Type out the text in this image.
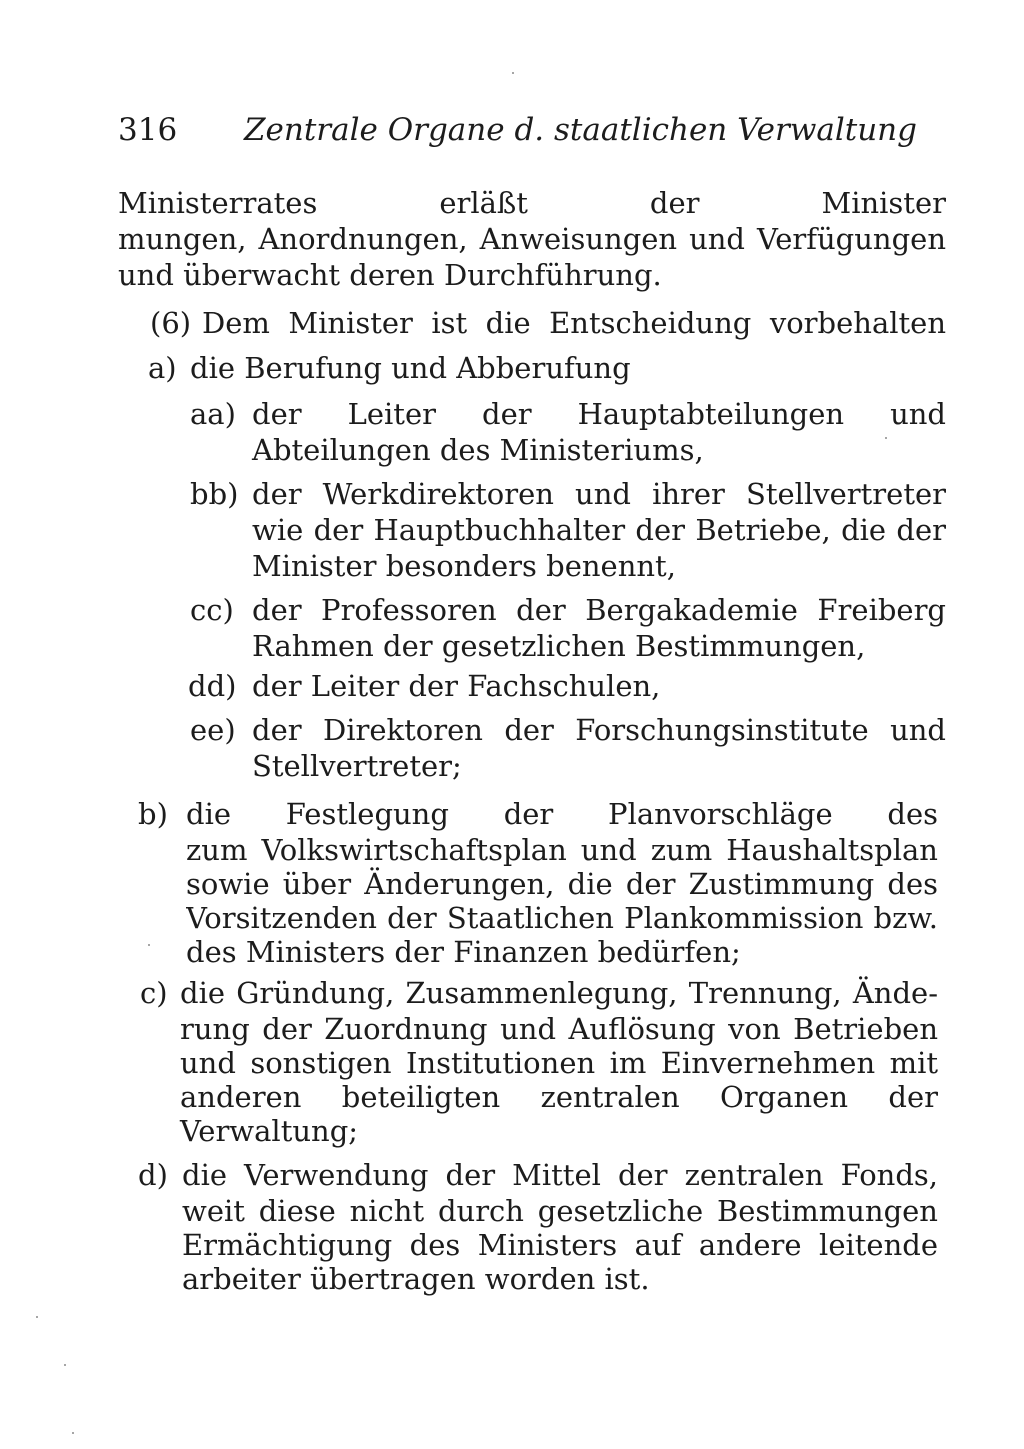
316 Zentrale Organe d. staatlichen Verwaltung
Ministerrates erläßt der Minister
mungen, Anordnungen, Anweisungen und Verfügungen
und überwacht deren Durchführung.
(6) Dem Minister ist die Entscheidung vorbehalten
a) die Berufung und Abberufung
aa) der Leiter der Hauptabteilungen und
Abteilungen des Ministeriums,
bb) der Werkdirektoren und ihrer Stellvertreter
wie der Hauptbuchhalter der Betriebe, die der
Minister besonders benennt,
cc) der Professoren der Bergakademie Freiberg
Rahmen der gesetzlichen Bestimmungen,
dd) der Leiter der Fachschulen,
ee) der Direktoren der Forschungsinstitute und
Stellvertreter;
b) die Festlegung der Planvorschläge des
zum Volkswirtschaftsplan und zum Haushaltsplan
sowie über Änderungen, die der Zustimmung des
Vorsitzenden der Staatlichen Plankommission bzw.
des Ministers der Finanzen bedürfen;
c) die Gründung, Zusammenlegung, Trennung, Ände-
rung der Zuordnung und Auflösung von Betrieben
und sonstigen Institutionen im Einvernehmen mit
anderen beteiligten zentralen Organen der
Verwaltung;
d) die Verwendung der Mittel der zentralen Fonds,
weit diese nicht durch gesetzliche Bestimmungen
Ermächtigung des Ministers auf andere leitende
arbeiter übertragen worden ist.
